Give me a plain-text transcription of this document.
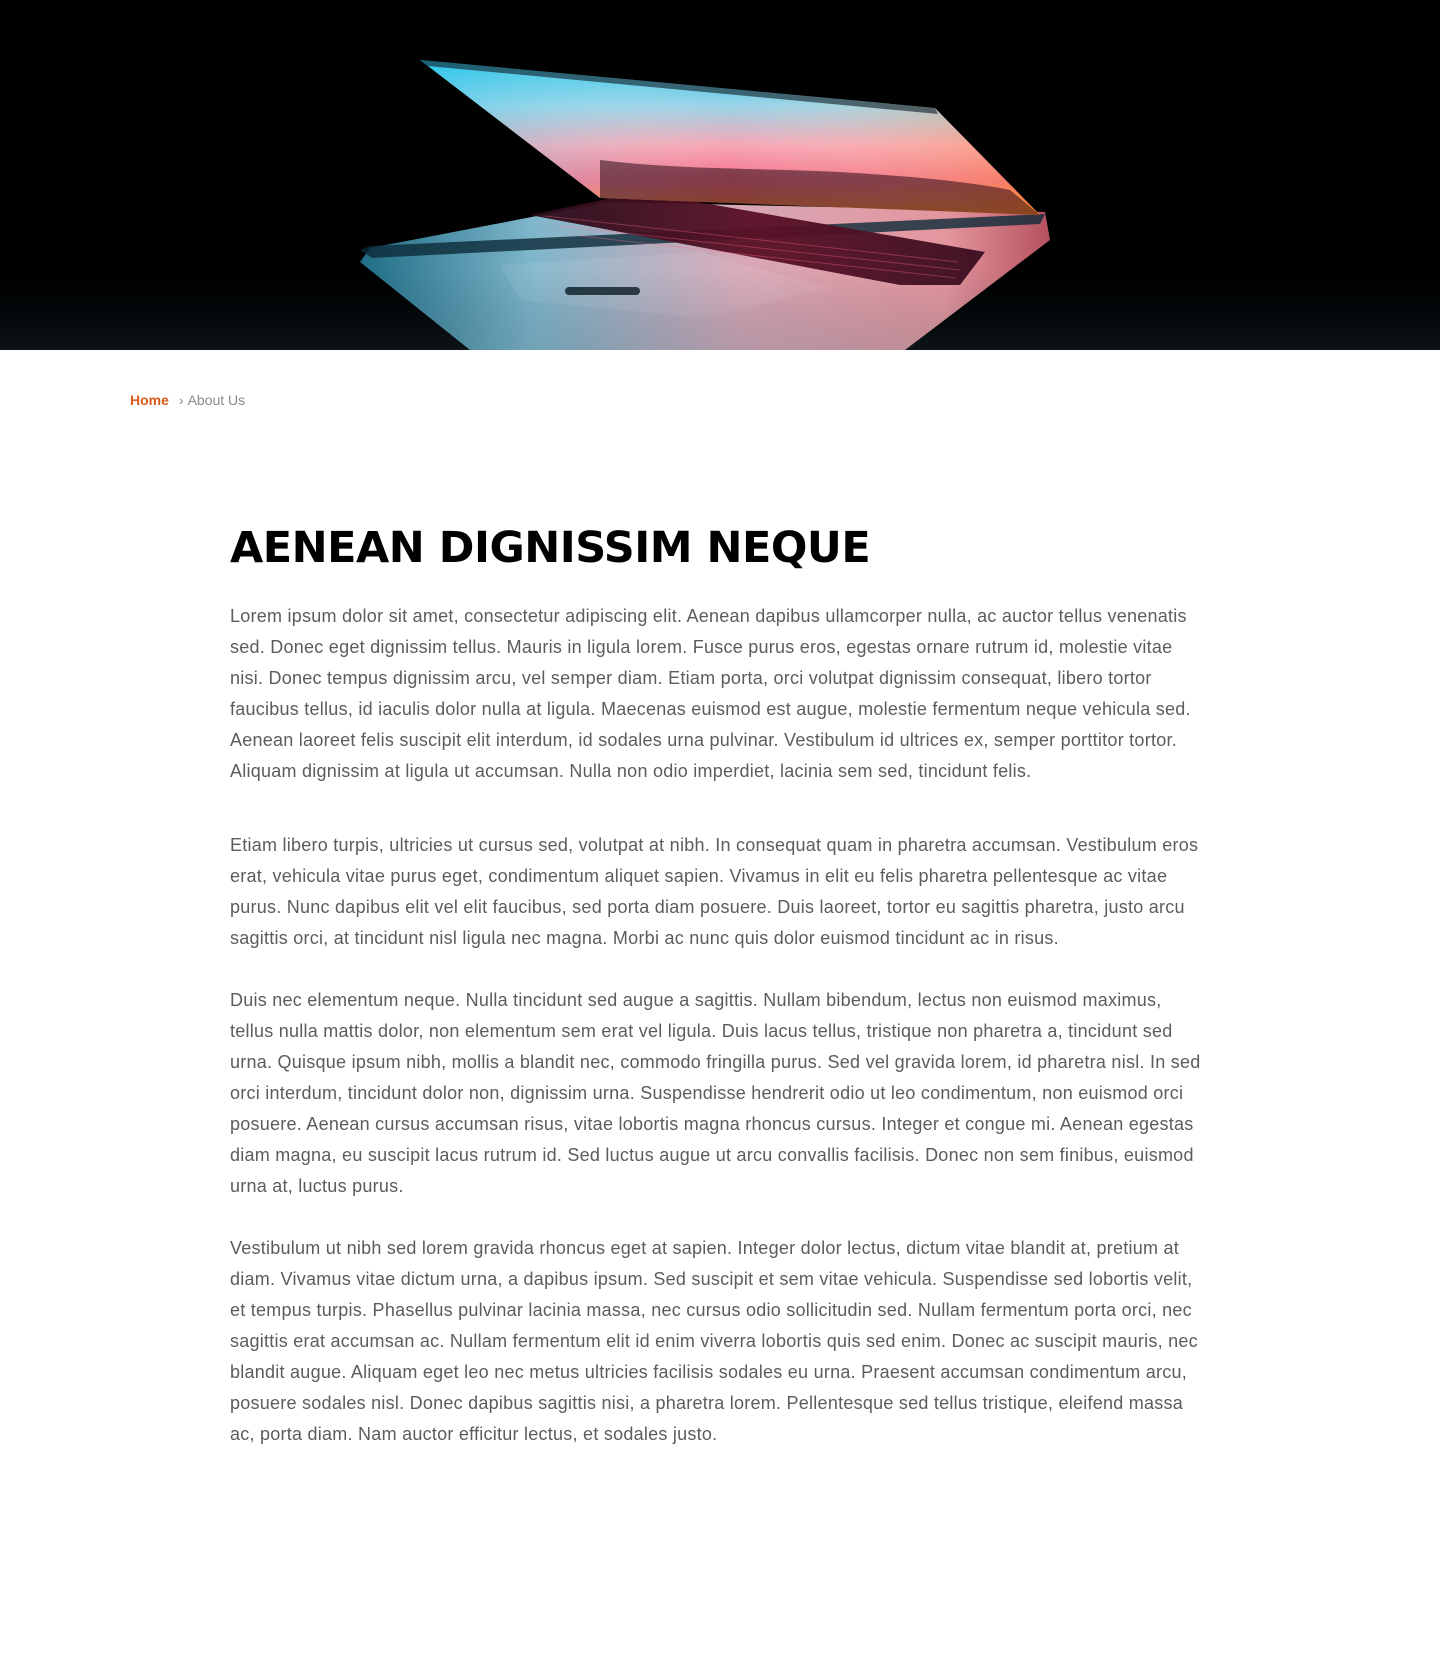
Home › About Us
AENEAN DIGNISSIM NEQUE

Lorem ipsum dolor sit amet, consectetur adipiscing elit. Aenean dapibus ullamcorper nulla, ac auctor tellus venenatis sed. Donec eget dignissim tellus. Mauris in ligula lorem. Fusce purus eros, egestas ornare rutrum id, molestie vitae nisi. Donec tempus dignissim arcu, vel semper diam. Etiam porta, orci volutpat dignissim consequat, libero tortor faucibus tellus, id iaculis dolor nulla at ligula. Maecenas euismod est augue, molestie fermentum neque vehicula sed. Aenean laoreet felis suscipit elit interdum, id sodales urna pulvinar. Vestibulum id ultrices ex, semper porttitor tortor. Aliquam dignissim at ligula ut accumsan. Nulla non odio imperdiet, lacinia sem sed, tincidunt felis.

Etiam libero turpis, ultricies ut cursus sed, volutpat at nibh. In consequat quam in pharetra accumsan. Vestibulum eros erat, vehicula vitae purus eget, condimentum aliquet sapien. Vivamus in elit eu felis pharetra pellentesque ac vitae purus. Nunc dapibus elit vel elit faucibus, sed porta diam posuere. Duis laoreet, tortor eu sagittis pharetra, justo arcu sagittis orci, at tincidunt nisl ligula nec magna. Morbi ac nunc quis dolor euismod tincidunt ac in risus.

Duis nec elementum neque. Nulla tincidunt sed augue a sagittis. Nullam bibendum, lectus non euismod maximus, tellus nulla mattis dolor, non elementum sem erat vel ligula. Duis lacus tellus, tristique non pharetra a, tincidunt sed urna. Quisque ipsum nibh, mollis a blandit nec, commodo fringilla purus. Sed vel gravida lorem, id pharetra nisl. In sed orci interdum, tincidunt dolor non, dignissim urna. Suspendisse hendrerit odio ut leo condimentum, non euismod orci posuere. Aenean cursus accumsan risus, vitae lobortis magna rhoncus cursus. Integer et congue mi. Aenean egestas diam magna, eu suscipit lacus rutrum id. Sed luctus augue ut arcu convallis facilisis. Donec non sem finibus, euismod urna at, luctus purus.

Vestibulum ut nibh sed lorem gravida rhoncus eget at sapien. Integer dolor lectus, dictum vitae blandit at, pretium at diam. Vivamus vitae dictum urna, a dapibus ipsum. Sed suscipit et sem vitae vehicula. Suspendisse sed lobortis velit, et tempus turpis. Phasellus pulvinar lacinia massa, nec cursus odio sollicitudin sed. Nullam fermentum porta orci, nec sagittis erat accumsan ac. Nullam fermentum elit id enim viverra lobortis quis sed enim. Donec ac suscipit mauris, nec blandit augue. Aliquam eget leo nec metus ultricies facilisis sodales eu urna. Praesent accumsan condimentum arcu, posuere sodales nisl. Donec dapibus sagittis nisi, a pharetra lorem. Pellentesque sed tellus tristique, eleifend massa ac, porta diam. Nam auctor efficitur lectus, et sodales justo.
